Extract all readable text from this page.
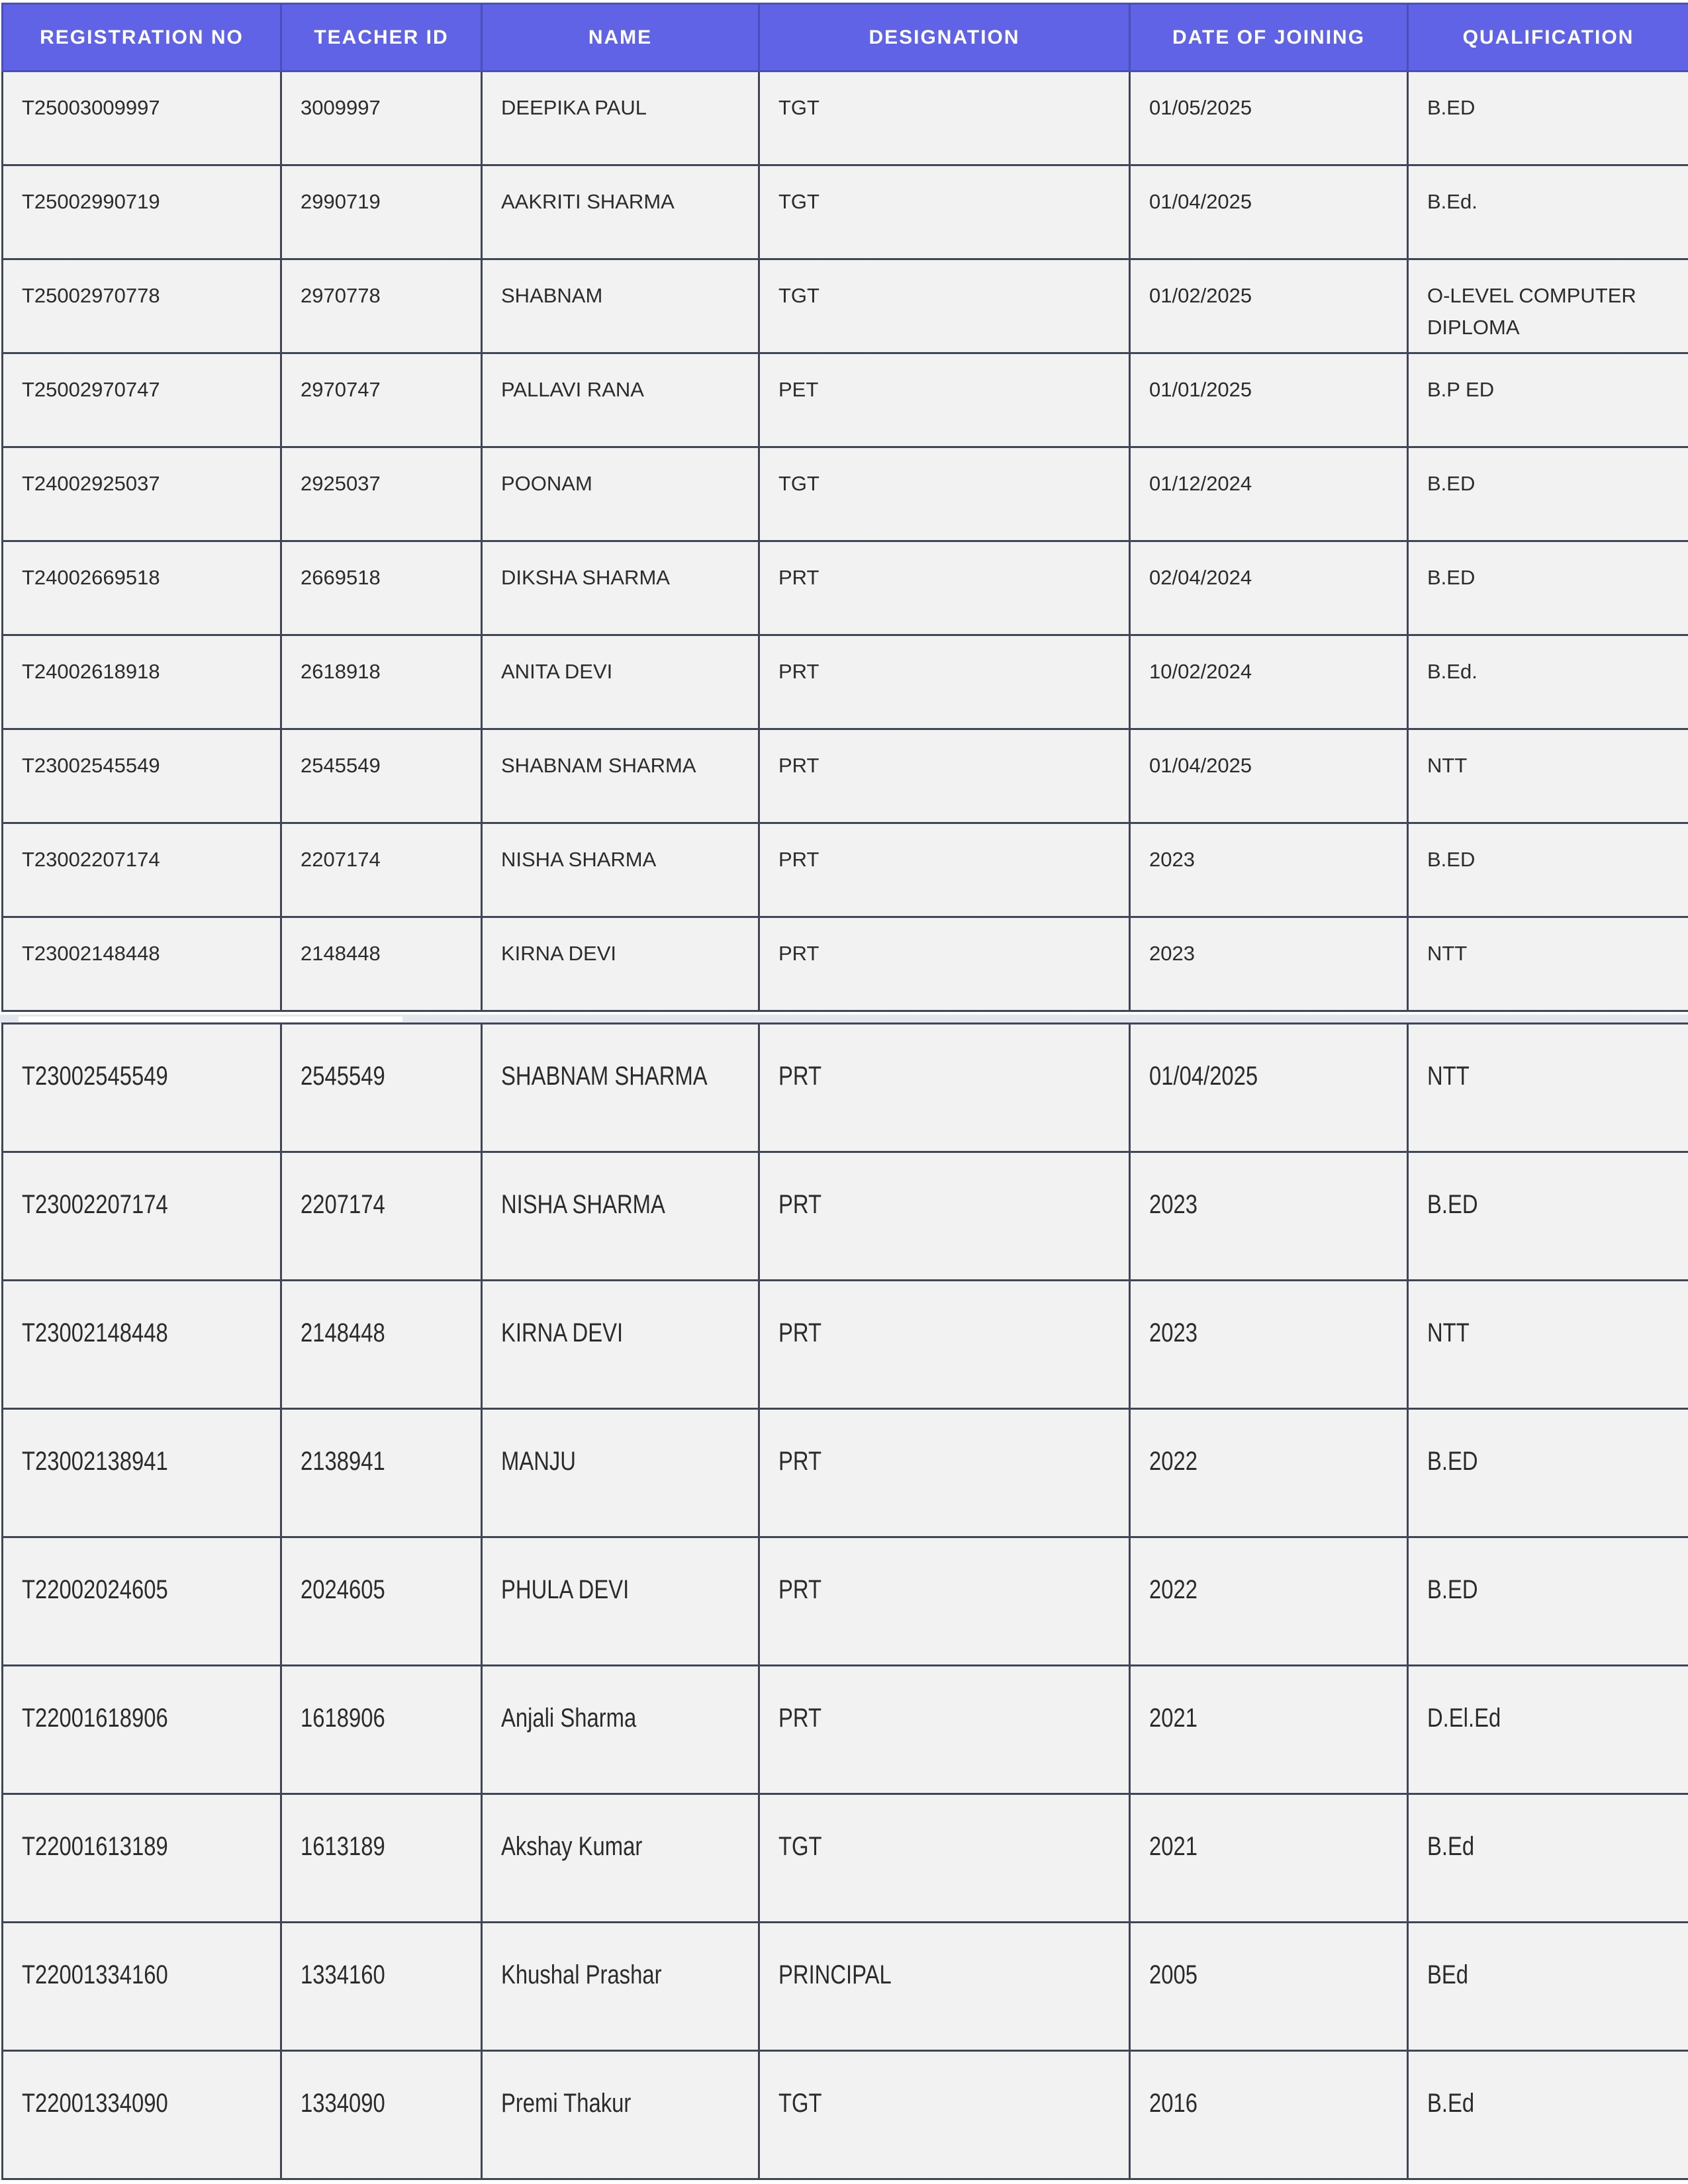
REGISTRATION NO	TEACHER ID	NAME	DESIGNATION	DATE OF JOINING	QUALIFICATION
T25003009997	3009997	DEEPIKA PAUL	TGT	01/05/2025	B.ED
T25002990719	2990719	AAKRITI SHARMA	TGT	01/04/2025	B.Ed.
T25002970778	2970778	SHABNAM	TGT	01/02/2025	O-LEVEL COMPUTER DIPLOMA
T25002970747	2970747	PALLAVI RANA	PET	01/01/2025	B.P ED
T24002925037	2925037	POONAM	TGT	01/12/2024	B.ED
T24002669518	2669518	DIKSHA SHARMA	PRT	02/04/2024	B.ED
T24002618918	2618918	ANITA DEVI	PRT	10/02/2024	B.Ed.
T23002545549	2545549	SHABNAM SHARMA	PRT	01/04/2025	NTT
T23002207174	2207174	NISHA SHARMA	PRT	2023	B.ED
T23002148448	2148448	KIRNA DEVI	PRT	2023	NTT
T23002545549	2545549	SHABNAM SHARMA	PRT	01/04/2025	NTT
T23002207174	2207174	NISHA SHARMA	PRT	2023	B.ED
T23002148448	2148448	KIRNA DEVI	PRT	2023	NTT
T23002138941	2138941	MANJU	PRT	2022	B.ED
T22002024605	2024605	PHULA DEVI	PRT	2022	B.ED
T22001618906	1618906	Anjali Sharma	PRT	2021	D.El.Ed
T22001613189	1613189	Akshay Kumar	TGT	2021	B.Ed
T22001334160	1334160	Khushal Prashar	PRINCIPAL	2005	BEd
T22001334090	1334090	Premi Thakur	TGT	2016	B.Ed
